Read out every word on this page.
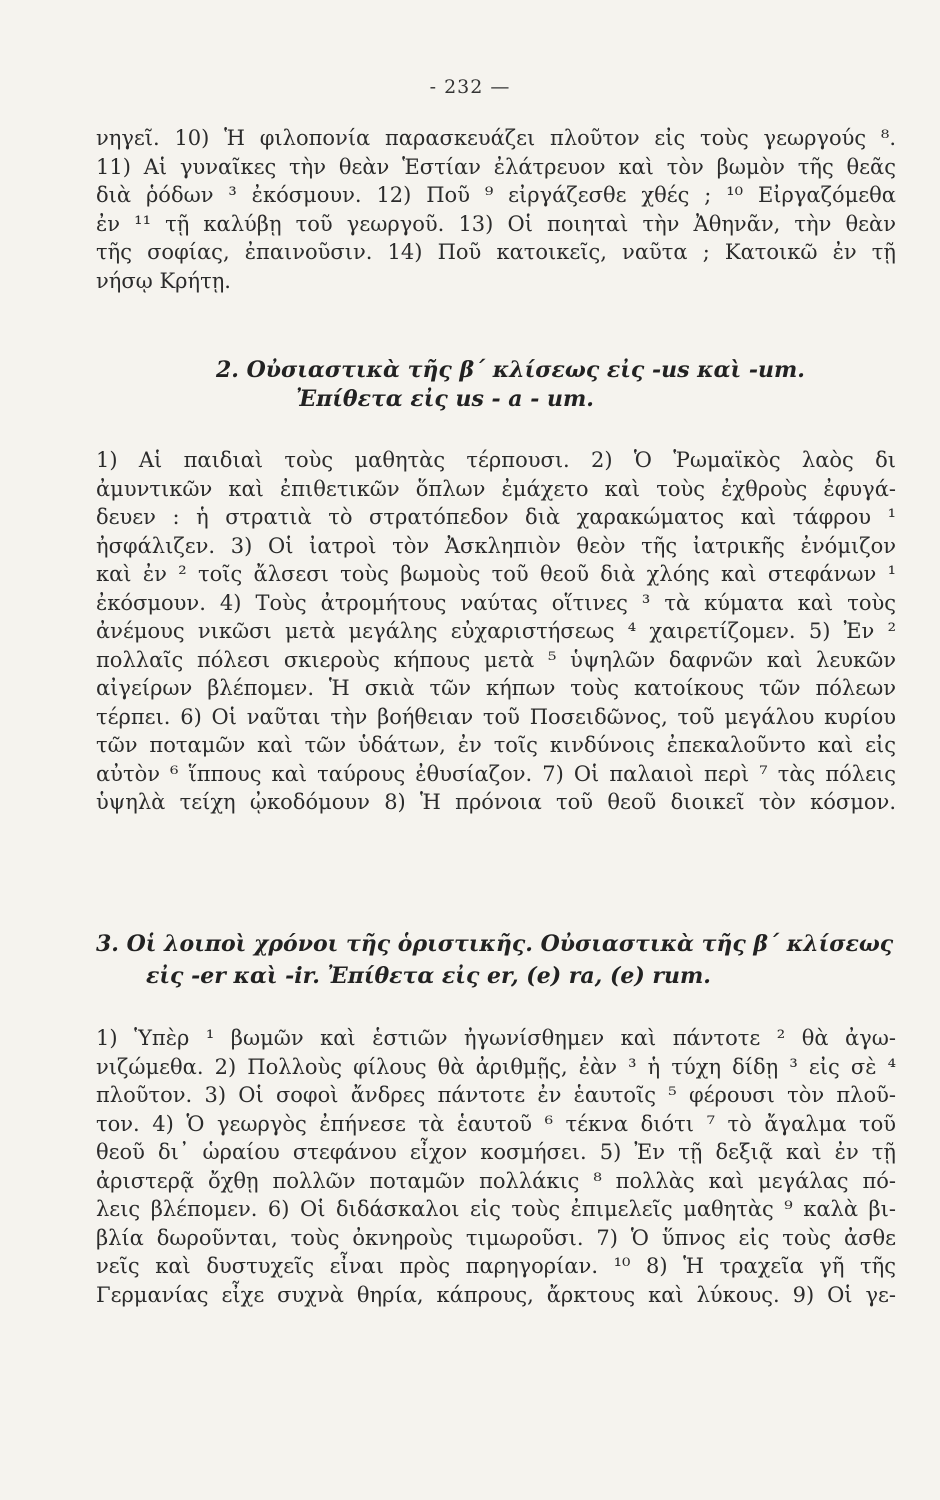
- 232 —
νηγεῖ. 10) Ἡ φιλοπονία παρασκευάζει πλοῦτον εἰς τοὺς γεωργούς ⁸.
11) Αἱ γυναῖκες τὴν θεὰν Ἑστίαν ἐλάτρευον καὶ τὸν βωμὸν τῆς θεᾶς
διὰ ῥόδων ³ ἐκόσμουν. 12) Ποῦ ⁹ εἰργάζεσθε χθές ; ¹⁰ Εἰργαζόμεθα
ἐν ¹¹ τῇ καλύβῃ τοῦ γεωργοῦ. 13) Οἱ ποιηταὶ τὴν Ἀθηνᾶν, τὴν θεὰν
τῆς σοφίας, ἐπαινοῦσιν. 14) Ποῦ κατοικεῖς, ναῦτα ; Κατοικῶ ἐν τῇ
νήσῳ Κρήτῃ.
2. Οὐσιαστικὰ τῆς β΄ κλίσεως εἰς -us καὶ -um.
Ἐπίθετα εἰς us - a - um.
1) Αἱ παιδιαὶ τοὺς μαθητὰς τέρπουσι. 2) Ὁ Ῥωμαϊκὸς λαὸς δι
ἀμυντικῶν καὶ ἐπιθετικῶν ὅπλων ἐμάχετο καὶ τοὺς ἐχθροὺς ἐφυγά-
δευεν : ἡ στρατιὰ τὸ στρατόπεδον διὰ χαρακώματος καὶ τάφρου ¹
ἠσφάλιζεν. 3) Οἱ ἰατροὶ τὸν Ἀσκληπιὸν θεὸν τῆς ἰατρικῆς ἐνόμιζον
καὶ ἐν ² τοῖς ἄλσεσι τοὺς βωμοὺς τοῦ θεοῦ διὰ χλόης καὶ στεφάνων ¹
ἐκόσμουν. 4) Τοὺς ἀτρομήτους ναύτας οἵτινες ³ τὰ κύματα καὶ τοὺς
ἀνέμους νικῶσι μετὰ μεγάλης εὐχαριστήσεως ⁴ χαιρετίζομεν. 5) Ἐν ²
πολλαῖς πόλεσι σκιεροὺς κήπους μετὰ ⁵ ὑψηλῶν δαφνῶν καὶ λευκῶν
αἰγείρων βλέπομεν. Ἡ σκιὰ τῶν κήπων τοὺς κατοίκους τῶν πόλεων
τέρπει. 6) Οἱ ναῦται τὴν βοήθειαν τοῦ Ποσειδῶνος, τοῦ μεγάλου κυρίου
τῶν ποταμῶν καὶ τῶν ὑδάτων, ἐν τοῖς κινδύνοις ἐπεκαλοῦντο καὶ εἰς
αὐτὸν ⁶ ἵππους καὶ ταύρους ἐθυσίαζον. 7) Οἱ παλαιοὶ περὶ ⁷ τὰς πόλεις
ὑψηλὰ τείχη ᾠκοδόμουν 8) Ἡ πρόνοια τοῦ θεοῦ διοικεῖ τὸν κόσμον.
3. Οἱ λοιποὶ χρόνοι τῆς ὁριστικῆς. Οὐσιαστικὰ τῆς β΄ κλίσεως
εἰς -er καὶ -ir. Ἐπίθετα εἰς er, (e) ra, (e) rum.
1) Ὑπὲρ ¹ βωμῶν καὶ ἑστιῶν ἠγωνίσθημεν καὶ πάντοτε ² θὰ ἀγω-
νιζώμεθα. 2) Πολλοὺς φίλους θὰ ἀριθμῇς, ἐὰν ³ ἡ τύχη δίδῃ ³ εἰς σὲ ⁴
πλοῦτον. 3) Οἱ σοφοὶ ἄνδρες πάντοτε ἐν ἑαυτοῖς ⁵ φέρουσι τὸν πλοῦ-
τον. 4) Ὁ γεωργὸς ἐπήνεσε τὰ ἑαυτοῦ ⁶ τέκνα διότι ⁷ τὸ ἄγαλμα τοῦ
θεοῦ δι᾽ ὡραίου στεφάνου εἶχον κοσμήσει. 5) Ἐν τῇ δεξιᾷ καὶ ἐν τῇ
ἀριστερᾷ ὄχθῃ πολλῶν ποταμῶν πολλάκις ⁸ πολλὰς καὶ μεγάλας πό-
λεις βλέπομεν. 6) Οἱ διδάσκαλοι εἰς τοὺς ἐπιμελεῖς μαθητὰς ⁹ καλὰ βι-
βλία δωροῦνται, τοὺς ὀκνηροὺς τιμωροῦσι. 7) Ὁ ὕπνος εἰς τοὺς ἀσθε
νεῖς καὶ δυστυχεῖς εἶναι πρὸς παρηγορίαν. ¹⁰ 8) Ἡ τραχεῖα γῆ τῆς
Γερμανίας εἶχε συχνὰ θηρία, κάπρους, ἄρκτους καὶ λύκους. 9) Οἱ γε-
